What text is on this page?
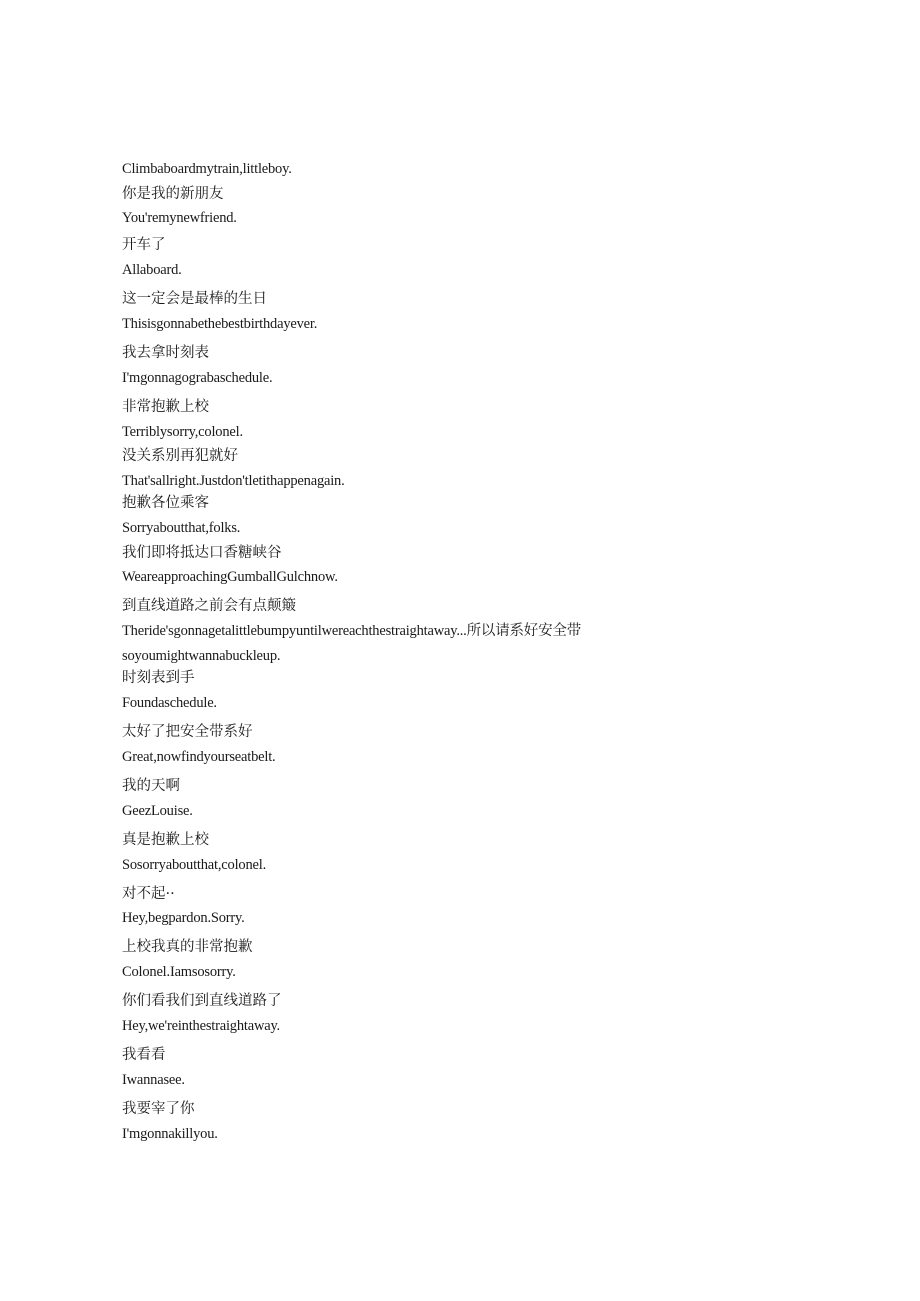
Climbaboardmytrain,littleboy.

你是我的新朋友

You'remynewfriend.

开车了

Allaboard.

这一定会是最棒的生日

Thisisgonnabethebestbirthdayever.

我去拿时刻表

I'mgonnagograbaschedule.

非常抱歉上校

Terriblysorry,colonel.

没关系别再犯就好

That'sallright.Justdon'tletithappenagain.

抱歉各位乘客

Sorryaboutthat,folks.

我们即将抵达口香糖峡谷

WeareapproachingGumballGulchnow.

到直线道路之前会有点颠簸

Theride'sgonnagetalittlebumpyuntilwereachthestraightaway...所以请系好安全带

soyoumightwannabuckleup.

时刻表到手

Foundaschedule.

太好了把安全带系好

Great,nowfindyourseatbelt.

我的天啊

GeezLouise.

真是抱歉上校

Sosorryaboutthat,colonel.

对不起··

Hey,begpardon.Sorry.

上校我真的非常抱歉

Colonel.Iamsosorry.

你们看我们到直线道路了

Hey,we'reinthestraightaway.

我看看

Iwannasee.

我要宰了你

I'mgonnakillyou.
